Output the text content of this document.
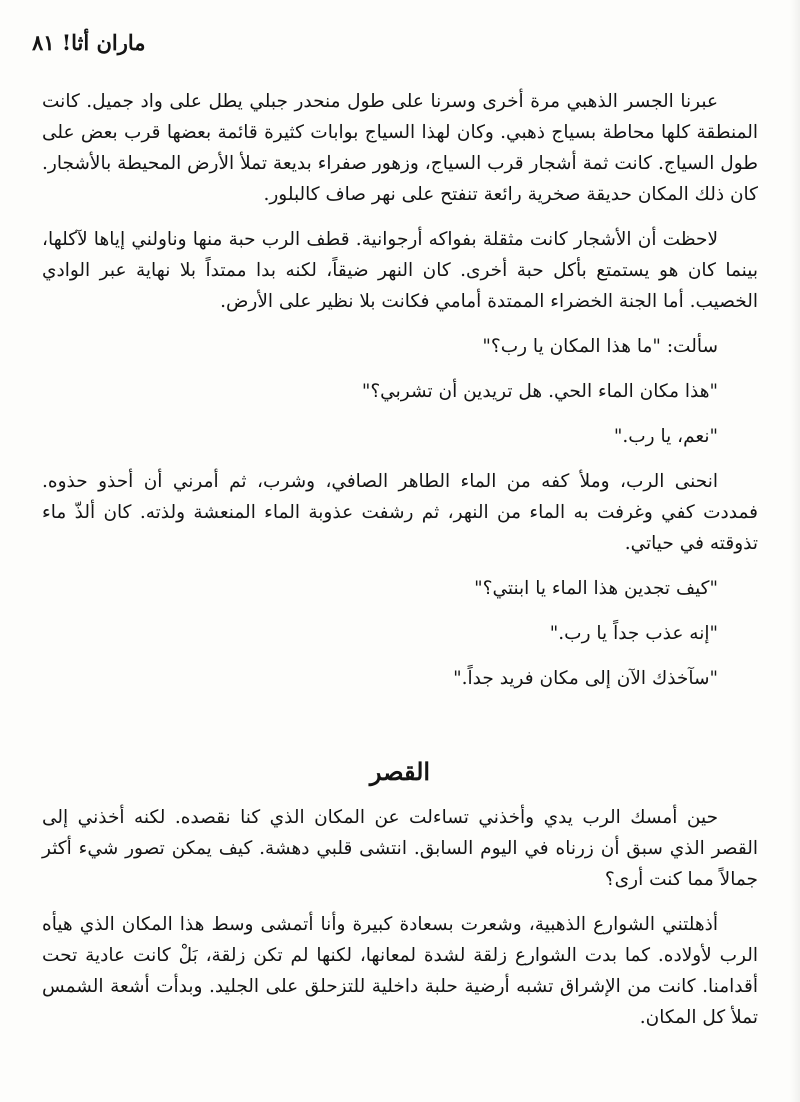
ماران أثا! ٨١

عبرنا الجسر الذهبي مرة أخرى وسرنا على طول منحدر جبلي يطل على واد جميل. كانت المنطقة كلها محاطة بسياج ذهبي. وكان لهذا السياج بوابات كثيرة قائمة بعضها قرب بعض على طول السياج. كانت ثمة أشجار قرب السياج، وزهور صفراء بديعة تملأ الأرض المحيطة بالأشجار. كان ذلك المكان حديقة صخرية رائعة تنفتح على نهر صاف كالبلور.

لاحظت أن الأشجار كانت مثقلة بفواكه أرجوانية. قطف الرب حبة منها وناولني إياها لآكلها، بينما كان هو يستمتع بأكل حبة أخرى. كان النهر ضيقاً، لكنه بدا ممتداً بلا نهاية عبر الوادي الخصيب. أما الجنة الخضراء الممتدة أمامي فكانت بلا نظير على الأرض.

سألت: "ما هذا المكان يا رب؟"

"هذا مكان الماء الحي. هل تريدين أن تشربي؟"

"نعم، يا رب."

انحنى الرب، وملأ كفه من الماء الطاهر الصافي، وشرب، ثم أمرني أن أحذو حذوه. فمددت كفي وغرفت به الماء من النهر، ثم رشفت عذوبة الماء المنعشة ولذته. كان ألذّ ماء تذوقته في حياتي.

"كيف تجدين هذا الماء يا ابنتي؟"

"إنه عذب جداً يا رب."

"سآخذك الآن إلى مكان فريد جداً."

القصر

حين أمسك الرب يدي وأخذني تساءلت عن المكان الذي كنا نقصده. لكنه أخذني إلى القصر الذي سبق أن زرناه في اليوم السابق. انتشى قلبي دهشة. كيف يمكن تصور شيء أكثر جمالاً مما كنت أرى؟

أذهلتني الشوارع الذهبية، وشعرت بسعادة كبيرة وأنا أتمشى وسط هذا المكان الذي هيأه الرب لأولاده. كما بدت الشوارع زلقة لشدة لمعانها، لكنها لم تكن زلقة، بَلْ كانت عادية تحت أقدامنا. كانت من الإشراق تشبه أرضية حلبة داخلية للتزحلق على الجليد. وبدأت أشعة الشمس تملأ كل المكان.
